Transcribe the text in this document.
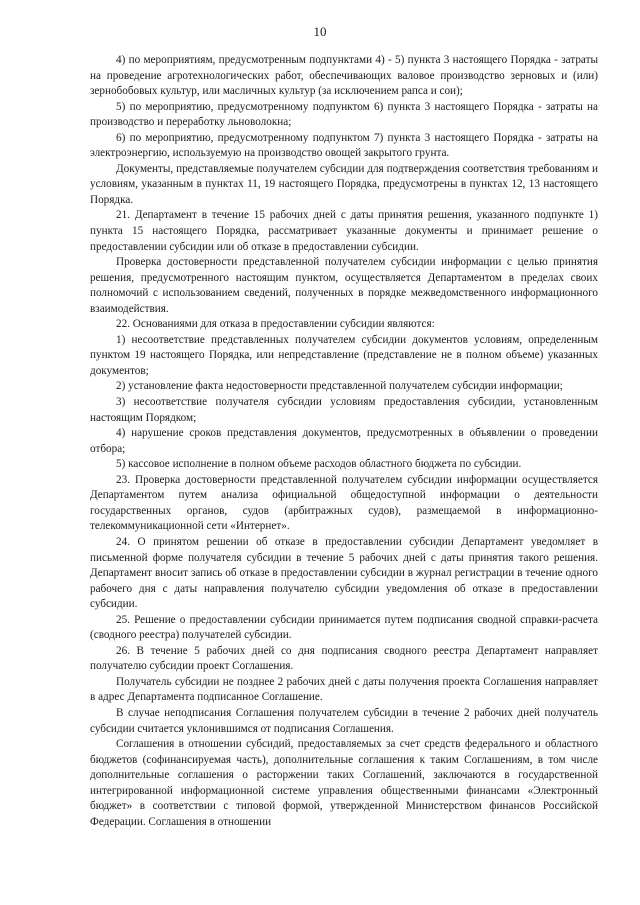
10

4) по мероприятиям, предусмотренным подпунктами 4) - 5) пункта 3 настоящего Порядка - затраты на проведение агротехнологических работ, обеспечивающих валовое производство зерновых и (или) зернобобовых культур, или масличных культур (за исключением рапса и сои);

5) по мероприятию, предусмотренному подпунктом 6) пункта 3 настоящего Порядка - затраты на производство и переработку льноволокна;

6) по мероприятию, предусмотренному подпунктом 7) пункта 3 настоящего Порядка - затраты на электроэнергию, используемую на производство овощей закрытого грунта.

Документы, представляемые получателем субсидии для подтверждения соответствия требованиям и условиям, указанным в пунктах 11, 19 настоящего Порядка, предусмотрены в пунктах 12, 13 настоящего Порядка.

21. Департамент в течение 15 рабочих дней с даты принятия решения, указанного подпункте 1) пункта 15 настоящего Порядка, рассматривает указанные документы и принимает решение о предоставлении субсидии или об отказе в предоставлении субсидии.

Проверка достоверности представленной получателем субсидии информации с целью принятия решения, предусмотренного настоящим пунктом, осуществляется Департаментом в пределах своих полномочий с использованием сведений, полученных в порядке межведомственного информационного взаимодействия.

22. Основаниями для отказа в предоставлении субсидии являются:

1) несоответствие представленных получателем субсидии документов условиям, определенным пунктом 19 настоящего Порядка, или непредставление (представление не в полном объеме) указанных документов;

2) установление факта недостоверности представленной получателем субсидии информации;

3) несоответствие получателя субсидии условиям предоставления субсидии, установленным настоящим Порядком;

4) нарушение сроков представления документов, предусмотренных в объявлении о проведении отбора;

5) кассовое исполнение в полном объеме расходов областного бюджета по субсидии.

23. Проверка достоверности представленной получателем субсидии информации осуществляется Департаментом путем анализа официальной общедоступной информации о деятельности государственных органов, судов (арбитражных судов), размещаемой в информационно-телекоммуникационной сети «Интернет».

24. О принятом решении об отказе в предоставлении субсидии Департамент уведомляет в письменной форме получателя субсидии в течение 5 рабочих дней с даты принятия такого решения. Департамент вносит запись об отказе в предоставлении субсидии в журнал регистрации в течение одного рабочего дня с даты направления получателю субсидии уведомления об отказе в предоставлении субсидии.

25. Решение о предоставлении субсидии принимается путем подписания сводной справки-расчета (сводного реестра) получателей субсидии.

26. В течение 5 рабочих дней со дня подписания сводного реестра Департамент направляет получателю субсидии проект Соглашения.

Получатель субсидии не позднее 2 рабочих дней с даты получения проекта Соглашения направляет в адрес Департамента подписанное Соглашение.

В случае неподписания Соглашения получателем субсидии в течение 2 рабочих дней получатель субсидии считается уклонившимся от подписания Соглашения.

Соглашения в отношении субсидий, предоставляемых за счет средств федерального и областного бюджетов (софинансируемая часть), дополнительные соглашения к таким Соглашениям, в том числе дополнительные соглашения о расторжении таких Соглашений, заключаются в государственной интегрированной информационной системе управления общественными финансами «Электронный бюджет» в соответствии с типовой формой, утвержденной Министерством финансов Российской Федерации. Соглашения в отношении
